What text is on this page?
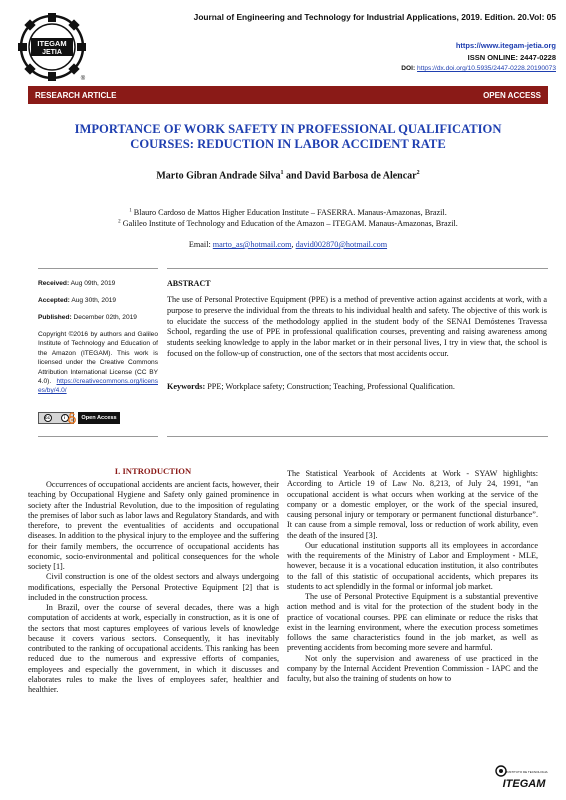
ITEGAM
JETIA
®
Journal of Engineering and Technology for Industrial Applications, 2019. Edition. 20.Vol: 05
https://www.itegam-jetia.org
ISSN ONLINE: 2447-0228
DOI: https://dx.doi.org/10.5935/2447-0228.20190073
RESEARCH ARTICLE	OPEN ACCESS
IMPORTANCE OF WORK SAFETY IN PROFESSIONAL QUALIFICATION
COURSES: REDUCTION IN LABOR ACCIDENT RATE
Marto Gibran Andrade Silva$^1$ and David Barbosa de Alencar$^2$
$^1$ Blauro Cardoso de Mattos Higher Education Institute – FASERRA. Manaus-Amazonas, Brazil.
$^2$ Galileo Institute of Technology and Education of the Amazon – ITEGAM. Manaus-Amazonas, Brazil.
Email: marto_as@hotmail.com, david002870@hotmail.com
Received: Aug 09th, 2019
Accepted: Aug 30th, 2019
Published: December 02th, 2019
Copyright ©2016 by authors and Galileo Institute of Technology and Education of the Amazon (ITEGAM). This work is licensed under the Creative Commons Attribution International License (CC BY 4.0). https://creativecommons.org/licenses/by/4.0/
cc	i	Open Access
ABSTRACT
The use of Personal Protective Equipment (PPE) is a method of preventive action against accidents at work, with a purpose to preserve the individual from the threats to his individual health and safety. The objective of this work is to elucidate the success of the methodology applied in the student body of the SENAI Demóstenes Travessa School, regarding the use of PPE in professional qualification courses, preventing and raising awareness among students seeking knowledge to apply in the labor market or in their personal lives, I try in view that, the school is focused on the follow-up of construction, one of the sectors that most accidents occur.
Keywords: PPE; Workplace safety; Construction; Teaching, Professional Qualification.
I. INTRODUCTION

Occurrences of occupational accidents are ancient facts, however, their teaching by Occupational Hygiene and Safety only gained prominence in society after the Industrial Revolution, due to the imposition of regulating the premises of labor such as labor laws and Regulatory Standards, and with therefore, to prevent the eventualities of accidents and occupational diseases. In addition to the physical injury to the employee and the suffering for their family members, the occurrence of occupational accidents has economic, socio-environmental and political consequences for the whole society [1].

Civil construction is one of the oldest sectors and always undergoing modifications, especially the Personal Protective Equipment [2] that is included in the construction process.

In Brazil, over the course of several decades, there was a high computation of accidents at work, especially in construction, as it is one of the sectors that most captures employees of various levels of knowledge because it covers various sectors. Consequently, it has inevitably contributed to the ranking of occupational accidents. This ranking has been reduced due to the numerous and expressive efforts of companies, employees and especially the government, in which it discusses and elaborates rules to make the lives of employees safer, healthier and healthier.

The Statistical Yearbook of Accidents at Work - SYAW highlights: According to Article 19 of Law No. 8,213, of July 24, 1991, “an occupational accident is what occurs when working at the service of the company or a domestic employer, or the work of the special insured, causing personal injury or temporary or permanent functional disturbance”. It can cause from a simple removal, loss or reduction of work ability, even the death of the insured [3].

Our educational institution supports all its employees in accordance with the requirements of the Ministry of Labor and Employment - MLE, however, because it is a vocational education institution, it also contributes to the fall of this statistic of occupational accidents, which prepares its students to act splendidly in the formal or informal job market.

The use of Personal Protective Equipment is a substantial preventive action method and is vital for the protection of the student body in the practice of vocational courses. PPE can eliminate or reduce the risks that exist in the learning environment, where the execution process sometimes follows the same characteristics found in the job market, as well as preventing accidents from becoming more severe and harmful.

Not only the supervision and awareness of use practiced in the company by the Internal Accident Prevention Commission - IAPC and the faculty, but also the training of students on how to

INSTITUTO DE TECNOLOGIA
ITEGAM
